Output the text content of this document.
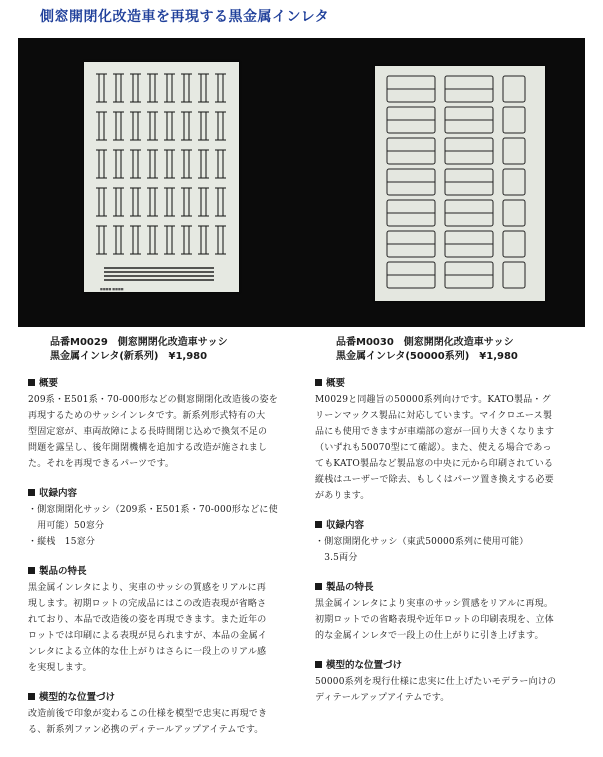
側窓開閉化改造車を再現する黒金属インレタ
■■■■ ■■■■
品番M0029　側窓開閉化改造車サッシ
黒金属インレタ(新系列)　¥1,980
品番M0030　側窓開閉化改造車サッシ
黒金属インレタ(50000系列)　¥1,980
概要
209系・E501系・70-000形などの側窓開閉化改造後の姿を
再現するためのサッシインレタです。新系列形式特有の大
型固定窓が、車両故障による長時間閉じ込めで換気不足の
問題を露呈し、後年開閉機構を追加する改造が施されまし
た。それを再現できるパーツです。
収録内容
・側窓開閉化サッシ（209系・E501系・70-000形などに使
　用可能）50窓分
・縦桟　15窓分
製品の特長
黒金属インレタにより、実車のサッシの質感をリアルに再
現します。初期ロットの完成品にはこの改造表現が省略さ
れており、本品で改造後の姿を再現できます。また近年の
ロットでは印刷による表現が見られますが、本品の金属イ
ンレタによる立体的な仕上がりはさらに一段上のリアル感
を実現します。
模型的な位置づけ
改造前後で印象が変わるこの仕様を模型で忠実に再現でき
る、新系列ファン必携のディテールアップアイテムです。
概要
M0029と同趣旨の50000系列向けです。KATO製品・グ
リーンマックス製品に対応しています。マイクロエース製
品にも使用できますが車端部の窓が一回り大きくなります
（いずれも50070型にて確認）。また、使える場合であっ
てもKATO製品など製品窓の中央に元から印刷されている
縦桟はユーザーで除去、もしくはパーツ置き換えする必要
があります。
収録内容
・側窓開閉化サッシ（東武50000系列に使用可能）
　3.5両分
製品の特長
黒金属インレタにより実車のサッシ質感をリアルに再現。
初期ロットでの省略表現や近年ロットの印刷表現を、立体
的な金属インレタで一段上の仕上がりに引き上げます。
模型的な位置づけ
50000系列を現行仕様に忠実に仕上げたいモデラー向けの
ディテールアップアイテムです。
